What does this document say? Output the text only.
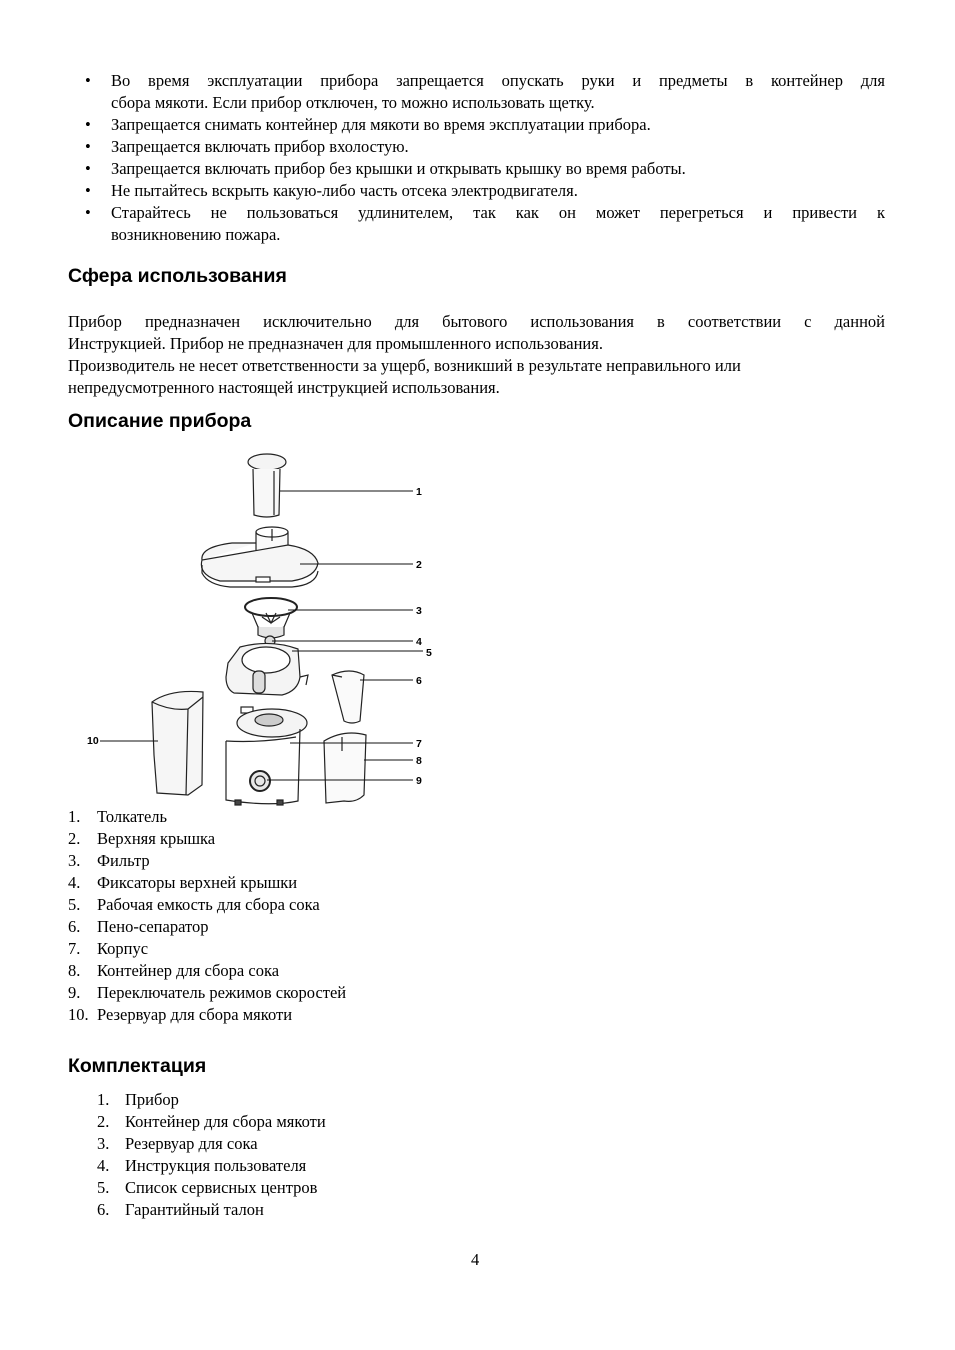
• Во время эксплуатации прибора запрещается опускать руки и предметы в контейнер для
сбора мякоти. Если прибор отключен, то можно использовать щетку.
• Запрещается снимать контейнер для мякоти во время эксплуатации прибора.
• Запрещается включать прибор вхолостую.
• Запрещается включать прибор без крышки и открывать крышку во время работы.
• Не пытайтесь вскрыть какую-либо часть отсека электродвигателя.
• Старайтесь не пользоваться удлинителем, так как он может перегреться и привести к
возникновению пожара.
Сфера использования
Прибор предназначен исключительно для бытового использования в соответствии с данной
Инструкцией. Прибор не предназначен для промышленного использования.
Производитель не несет ответственности за ущерб, возникший в результате неправильного или
непредусмотренного настоящей инструкцией использования.
Описание прибора
1
2
3
4
5
6
7
8
9
10
1. Толкатель
2. Верхняя крышка
3. Фильтр
4. Фиксаторы верхней крышки
5. Рабочая емкость для сбора сока
6. Пено-сепаратор
7. Корпус
8. Контейнер для сбора сока
9. Переключатель режимов скоростей
10. Резервуар для сбора мякоти
Комплектация
1. Прибор
2. Контейнер для сбора мякоти
3. Резервуар для сока
4. Инструкция пользователя
5. Список сервисных центров
6. Гарантийный талон
4
